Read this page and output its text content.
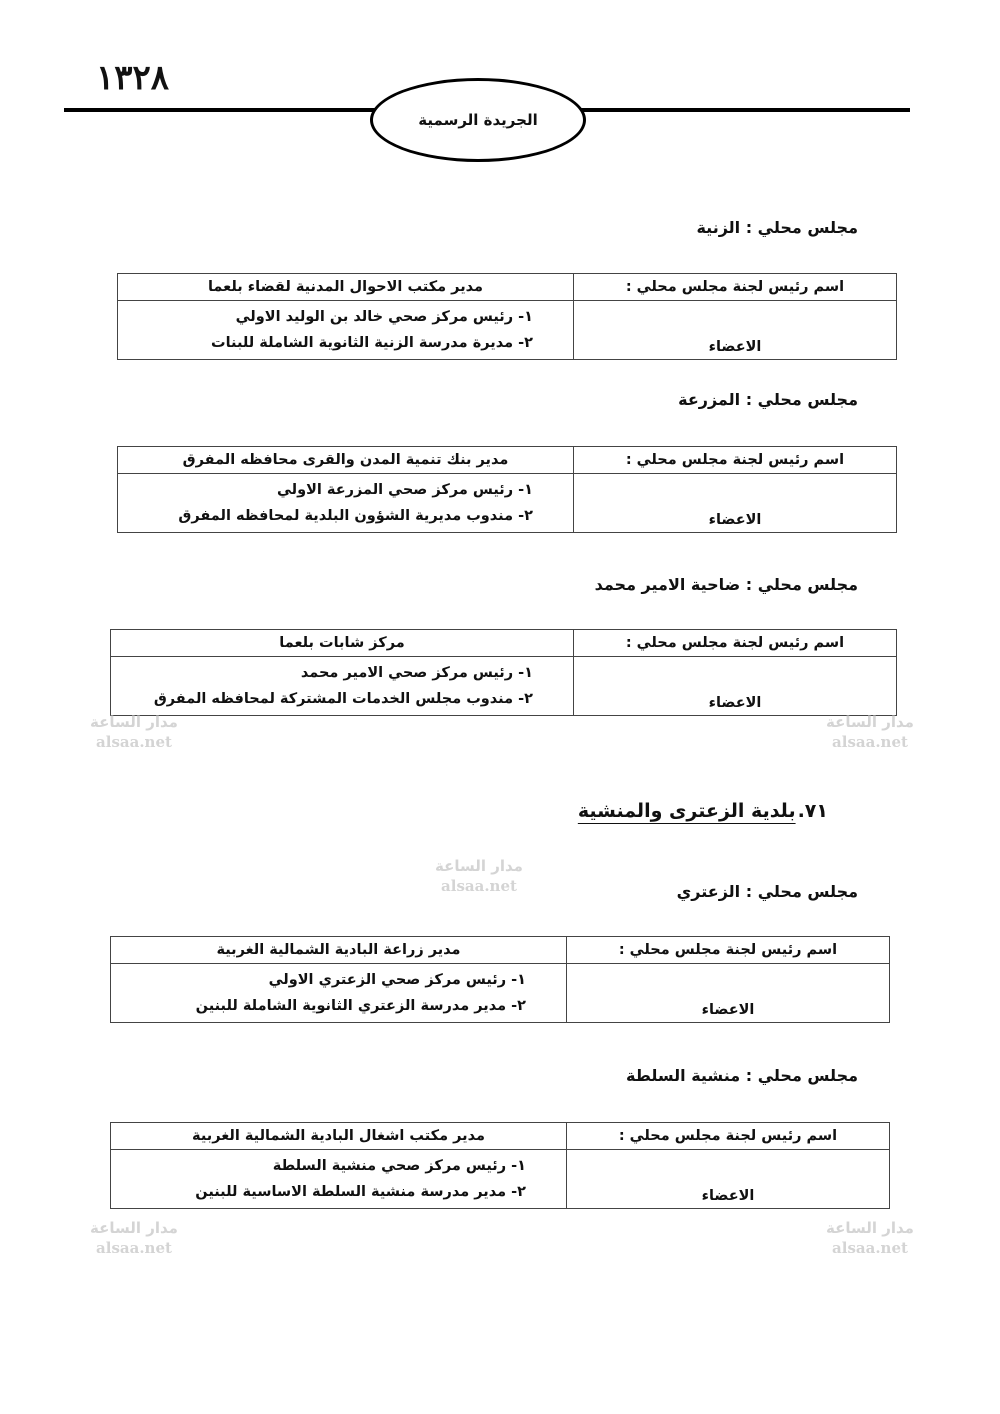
١٣٢٨
الجريدة الرسمية
مجلس محلي : الزنية
اسم رئيس لجنة مجلس محلي :	مدير مكتب الاحوال المدنية لقضاء بلعما
الاعضاء	١- رئيس مركز صحي خالد بن الوليد الاولي
٢- مديرة مدرسة الزنية الثانوية الشاملة للبنات
مجلس محلي : المزرعة
اسم رئيس لجنة مجلس محلي :	مدير بنك تنمية المدن والقرى محافظه المفرق
الاعضاء	١- رئيس مركز صحي المزرعة الاولي
٢- مندوب مديرية الشؤون البلدية لمحافظه المفرق
مجلس محلي : ضاحية الامير محمد
اسم رئيس لجنة مجلس محلي :	مركز شابات بلعما
الاعضاء	١- رئيس مركز صحي الامير محمد
٢- مندوب مجلس الخدمات المشتركة لمحافظه المفرق
٧١.
بلدية الزعترى والمنشية
مجلس محلي : الزعتري
اسم رئيس لجنة مجلس محلي :	مدير زراعة البادية الشمالية الغربية
الاعضاء	١- رئيس مركز صحي الزعتري الاولي
٢- مدير مدرسة الزعتري الثانوية الشاملة للبنين
مجلس محلي : منشية السلطة
اسم رئيس لجنة مجلس محلي :	مدير مكتب اشغال البادية الشمالية الغربية
الاعضاء	١- رئيس مركز صحي منشية السلطة
٢- مدير مدرسة منشية السلطة الاساسية للبنين
مدار الساعة
alsaa.net
مدار الساعة
alsaa.net
مدار الساعة
alsaa.net
مدار الساعة
alsaa.net
مدار الساعة
alsaa.net
